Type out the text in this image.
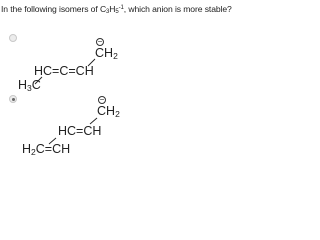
In the following isomers of $C_3H_5^{-1}$, which anion is more stable?
−
$CH_2$
HC=C=CH
$H_3C$
−
$CH_2$
HC=CH
$H_2C=CH$
